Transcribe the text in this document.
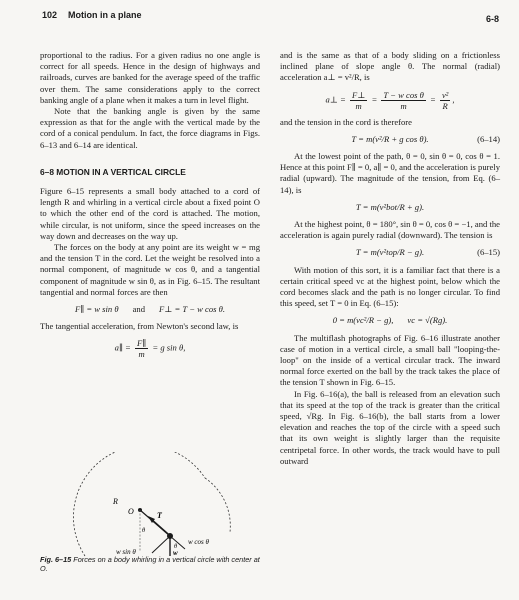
102 Motion in a plane	6-8

proportional to the radius. For a given radius no one angle is correct for all speeds. Hence in the design of highways and railroads, curves are banked for the average speed of the traffic over them. The same considerations apply to the correct banking angle of a plane when it makes a turn in level flight.

Note that the banking angle is given by the same expression as that for the angle with the vertical made by the cord of a conical pendulum. In fact, the force diagrams in Figs. 6–13 and 6–14 are identical.

6–8 MOTION IN A VERTICAL CIRCLE

Figure 6–15 represents a small body attached to a cord of length R and whirling in a vertical circle about a fixed point O to which the other end of the cord is attached. The motion, while circular, is not uniform, since the speed increases on the way down and decreases on the way up.

The forces on the body at any point are its weight w = mg and the tension T in the cord. Let the weight be resolved into a normal component, of magnitude w cos θ, and a tangential component of magnitude w sin θ, as in Fig. 6–15. The resultant tangential and normal forces are then

F∥ = w sin θ and F⊥ = T − w cos θ.

The tangential acceleration, from Newton's second law, is

a∥ = $\frac{F\parallel}{m} = g$ sin θ,
R
O	T
θ
θ
w cos θ
w sin θ	w
Fig. 6–15 Forces on a body whirling in a vertical circle with center at O.

and is the same as that of a body sliding on a frictionless inclined plane of slope angle θ. The normal (radial) acceleration a⊥ = v²/R, is

a⊥ = $\frac{F\perp}{m} = \frac{\text{T − w cos θ}}{m} = \frac{\text{v²}}{R}$ ,

and the tension in the cord is therefore

T = m(v²/R + g cos θ).	(6–14)

At the lowest point of the path, θ = 0, sin θ = 0, cos θ = 1. Hence at this point F∥ = 0, a∥ = 0, and the acceleration is purely radial (upward). The magnitude of the tension, from Eq. (6–14), is

T = m(v²bot/R + g).

At the highest point, θ = 180°, sin θ = 0, cos θ = −1, and the acceleration is again purely radial (downward). The tension is

T = m(v²top/R − g).	(6–15)

With motion of this sort, it is a familiar fact that there is a certain critical speed vc at the highest point, below which the cord becomes slack and the path is no longer circular. To find this speed, set T = 0 in Eq. (6–15):

0 = m(vc²/R − g), vc = √(Rg).

The multiflash photographs of Fig. 6–16 illustrate another case of motion in a vertical circle, a small ball "looping-the-loop" on the inside of a vertical circular track. The inward normal force exerted on the ball by the track takes the place of the tension T shown in Fig. 6–15.

In Fig. 6–16(a), the ball is released from an elevation such that its speed at the top of the track is greater than the critical speed, √Rg. In Fig. 6–16(b), the ball starts from a lower elevation and reaches the top of the circle with a speed such that its own weight is slightly larger than the requisite centripetal force. In other words, the track would have to pull outward
